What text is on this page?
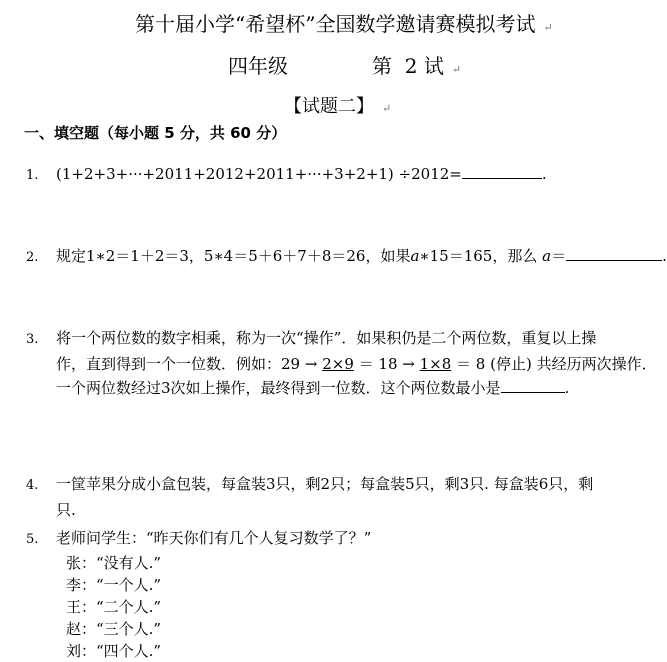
第十届小学“希望杯”全国数学邀请赛模拟考试 ↵
四年级	第 2 试 ↵
【试题二】 ↵
一、填空题（每小题 5 分，共 60 分）
1. (1+2+3+···+2011+2012+2011+···+3+2+1) ÷2012=	.
2. 规定1∗2＝1＋2＝3，5∗4＝5＋6＋7＋8＝26，如果a∗15＝165，那么 a＝	.
3. 将一个两位数的数字相乘，称为一次“操作”．如果积仍是二个两位数，重复以上操
作，直到得到一个一位数．例如：29 → 2×9 ＝ 18 → 1×8 ＝ 8 (停止) 共经历两次操作．
一个两位数经过3次如上操作，最终得到一位数．这个两位数最小是	.
4. 一筐苹果分成小盒包装，每盒装3只，剩2只；每盒装5只，剩3只. 每盒装6只，剩
只.
5. 老师问学生：“昨天你们有几个人复习数学了？”
张：“没有人.”
李：“一个人.”
王：“二个人.”
赵：“三个人.”
刘：“四个人.”
